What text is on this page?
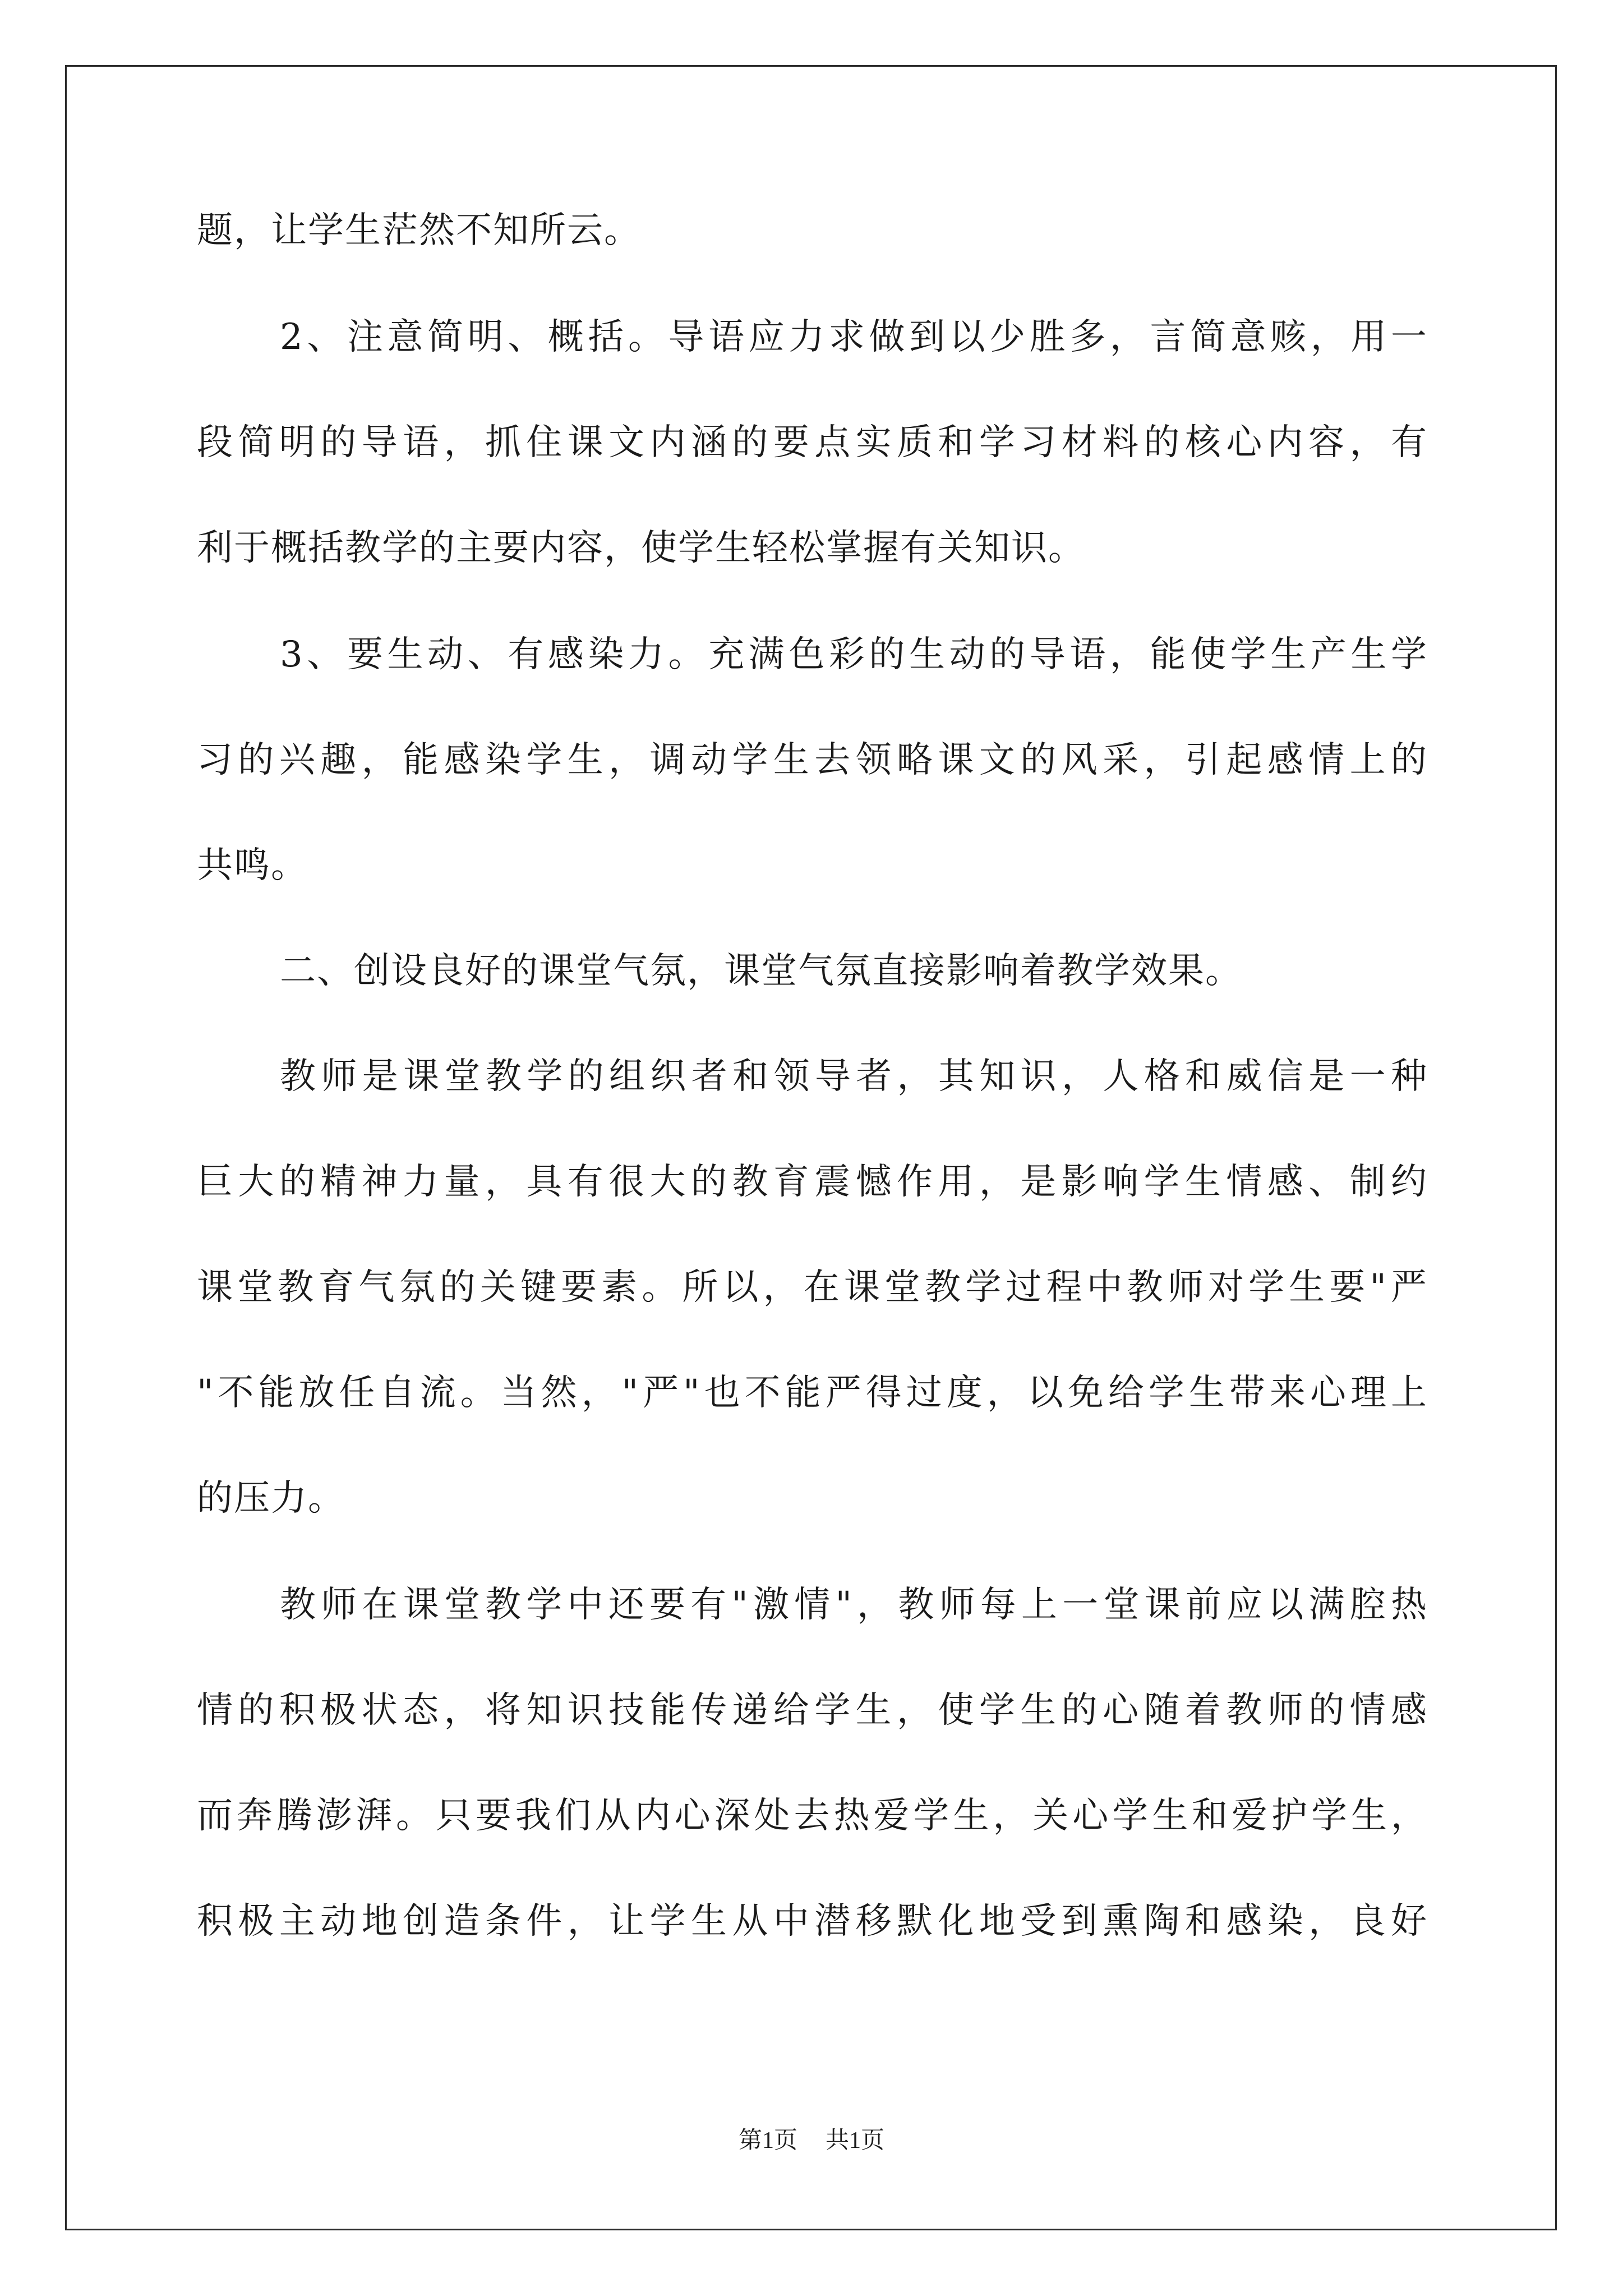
题，让学生茫然不知所云。
2、注意简明、概括。导语应力求做到以少胜多，言简意赅，用一
段简明的导语，抓住课文内涵的要点实质和学习材料的核心内容，有
利于概括教学的主要内容，使学生轻松掌握有关知识。
3、要生动、有感染力。充满色彩的生动的导语，能使学生产生学
习的兴趣，能感染学生，调动学生去领略课文的风采，引起感情上的
共鸣。
二、创设良好的课堂气氛，课堂气氛直接影响着教学效果。
教师是课堂教学的组织者和领导者，其知识，人格和威信是一种
巨大的精神力量，具有很大的教育震憾作用，是影响学生情感、制约
课堂教育气氛的关键要素。所以，在课堂教学过程中教师对学生要"严
"不能放任自流。当然，"严"也不能严得过度，以免给学生带来心理上
的压力。
教师在课堂教学中还要有"激情"，教师每上一堂课前应以满腔热
情的积极状态，将知识技能传递给学生，使学生的心随着教师的情感
而奔腾澎湃。只要我们从内心深处去热爱学生，关心学生和爱护学生，
积极主动地创造条件，让学生从中潜移默化地受到熏陶和感染，良好
第1页 共1页
